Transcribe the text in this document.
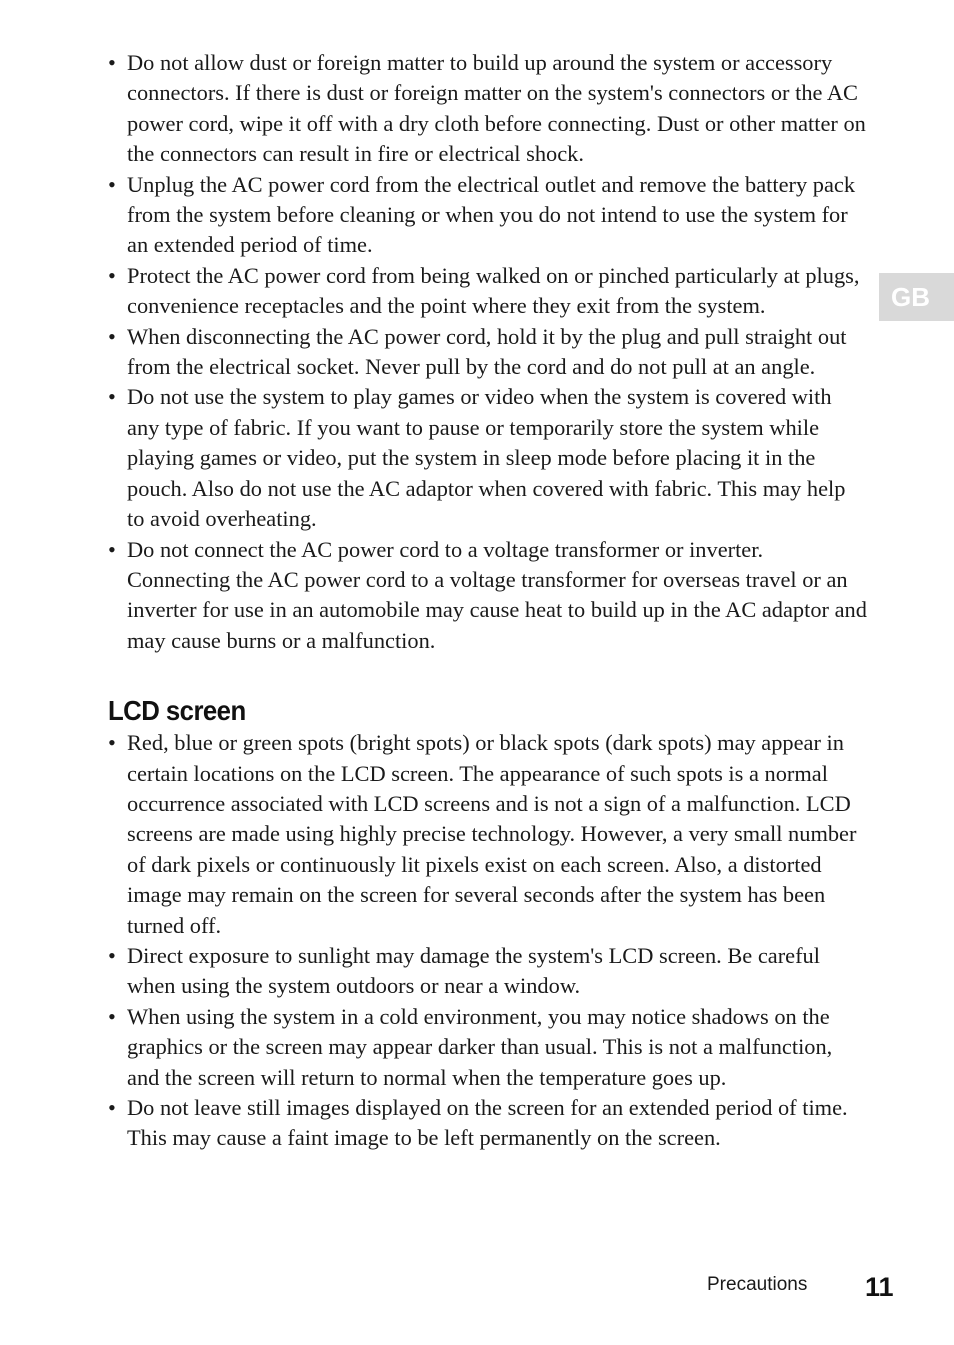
• Do not allow dust or foreign matter to build up around the system or accessory connectors. If there is dust or foreign matter on the system's connectors or the AC power cord, wipe it off with a dry cloth before connecting. Dust or other matter on the connectors can result in fire or electrical shock.
• Unplug the AC power cord from the electrical outlet and remove the battery pack from the system before cleaning or when you do not intend to use the system for an extended period of time.
• Protect the AC power cord from being walked on or pinched particularly at plugs, convenience receptacles and the point where they exit from the system.
• When disconnecting the AC power cord, hold it by the plug and pull straight out from the electrical socket. Never pull by the cord and do not pull at an angle.
• Do not use the system to play games or video when the system is covered with any type of fabric. If you want to pause or temporarily store the system while playing games or video, put the system in sleep mode before placing it in the pouch. Also do not use the AC adaptor when covered with fabric. This may help to avoid overheating.
• Do not connect the AC power cord to a voltage transformer or inverter. Connecting the AC power cord to a voltage transformer for overseas travel or an inverter for use in an automobile may cause heat to build up in the AC adaptor and may cause burns or a malfunction.
LCD screen
• Red, blue or green spots (bright spots) or black spots (dark spots) may appear in certain locations on the LCD screen. The appearance of such spots is a normal occurrence associated with LCD screens and is not a sign of a malfunction. LCD screens are made using highly precise technology. However, a very small number of dark pixels or continuously lit pixels exist on each screen. Also, a distorted image may remain on the screen for several seconds after the system has been turned off.
• Direct exposure to sunlight may damage the system's LCD screen. Be careful when using the system outdoors or near a window.
• When using the system in a cold environment, you may notice shadows on the graphics or the screen may appear darker than usual. This is not a malfunction, and the screen will return to normal when the temperature goes up.
• Do not leave still images displayed on the screen for an extended period of time. This may cause a faint image to be left permanently on the screen.
GB
Precautions 11
